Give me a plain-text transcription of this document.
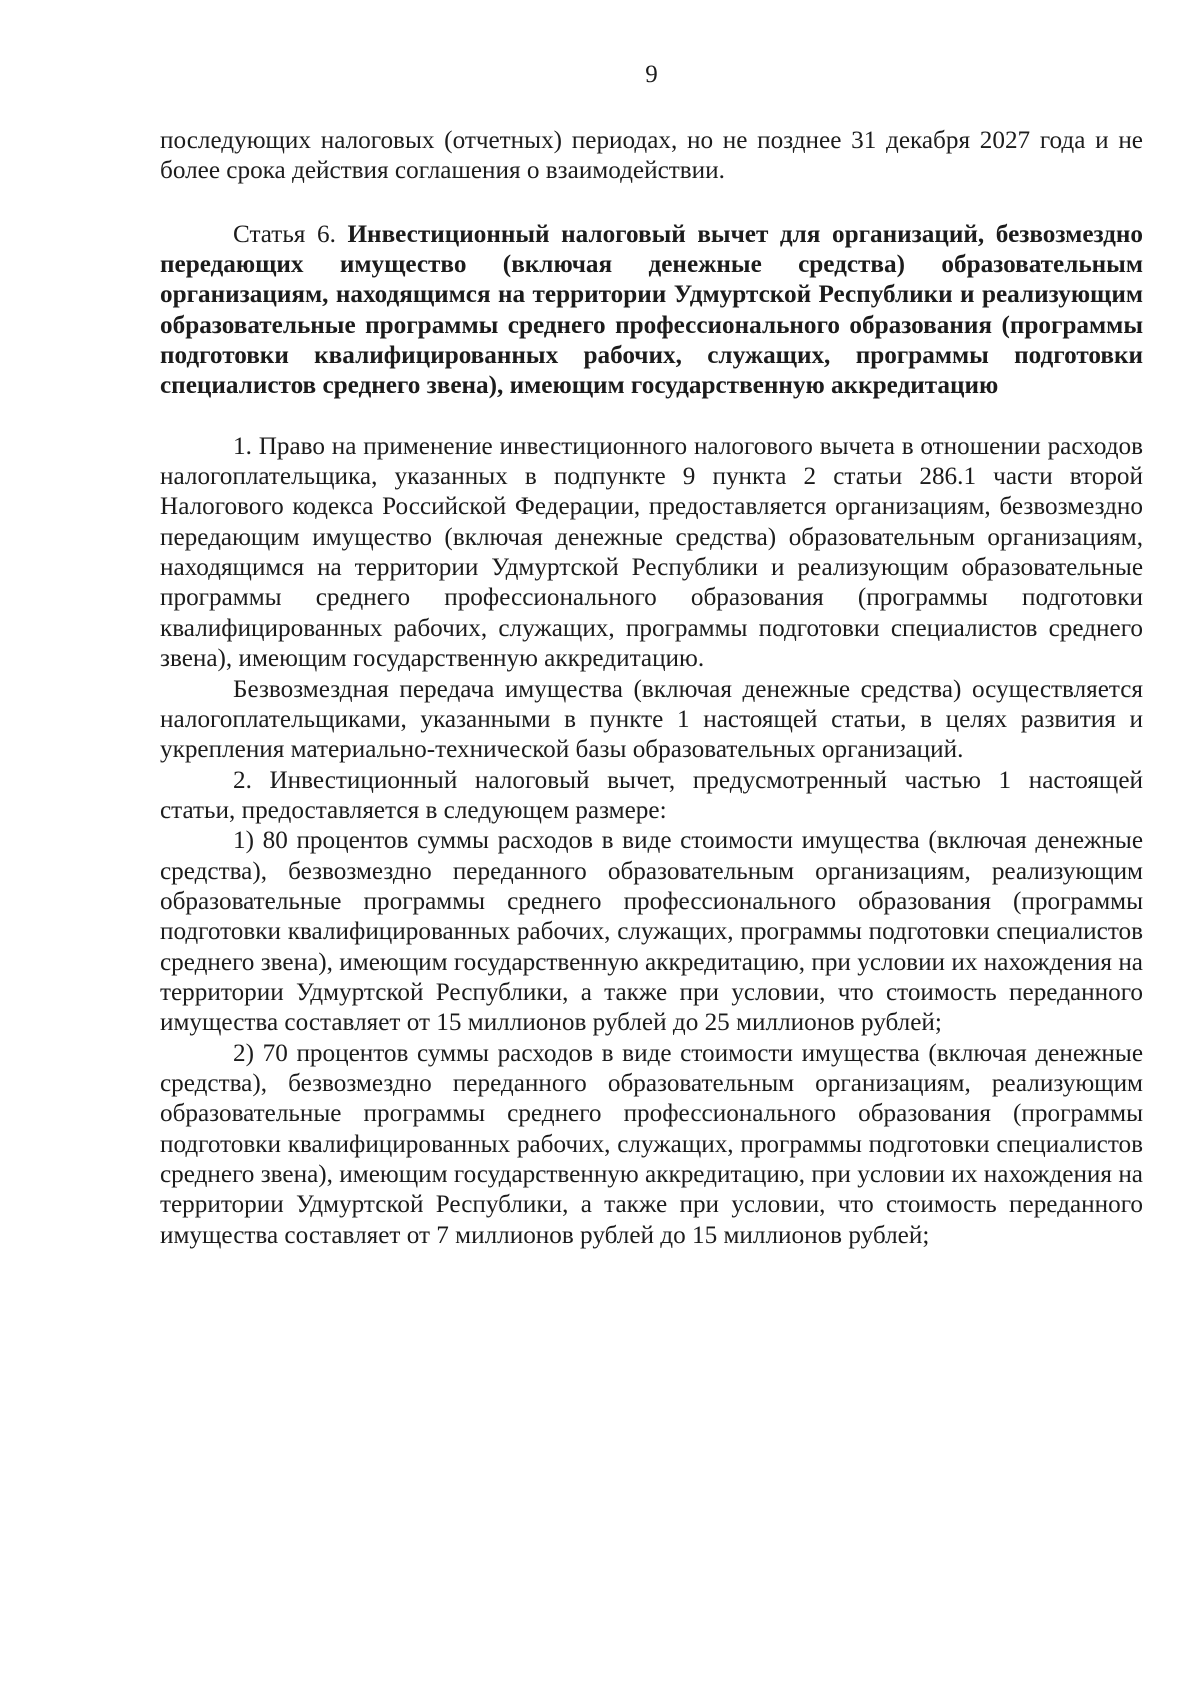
9

последующих налоговых (отчетных) периодах, но не позднее 31 декабря 2027 года и не более срока действия соглашения о взаимодействии.

Статья 6. Инвестиционный налоговый вычет для организаций, безвозмездно передающих имущество (включая денежные средства) образовательным организациям, находящимся на территории Удмуртской Республики и реализующим образовательные программы среднего профессионального образования (программы подготовки квалифицированных рабочих, служащих, программы подготовки специалистов среднего звена), имеющим государственную аккредитацию

1. Право на применение инвестиционного налогового вычета в отношении расходов налогоплательщика, указанных в подпункте 9 пункта 2 статьи 286.1 части второй Налогового кодекса Российской Федерации, предоставляется организациям, безвозмездно передающим имущество (включая денежные средства) образовательным организациям, находящимся на территории Удмуртской Республики и реализующим образовательные программы среднего профессионального образования (программы подготовки квалифицированных рабочих, служащих, программы подготовки специалистов среднего звена), имеющим государственную аккредитацию.

Безвозмездная передача имущества (включая денежные средства) осуществляется налогоплательщиками, указанными в пункте 1 настоящей статьи, в целях развития и укрепления материально-технической базы образовательных организаций.

2. Инвестиционный налоговый вычет, предусмотренный частью 1 настоящей статьи, предоставляется в следующем размере:

1) 80 процентов суммы расходов в виде стоимости имущества (включая денежные средства), безвозмездно переданного образовательным организациям, реализующим образовательные программы среднего профессионального образования (программы подготовки квалифицированных рабочих, служащих, программы подготовки специалистов среднего звена), имеющим государственную аккредитацию, при условии их нахождения на территории Удмуртской Республики, а также при условии, что стоимость переданного имущества составляет от 15 миллионов рублей до 25 миллионов рублей;

2) 70 процентов суммы расходов в виде стоимости имущества (включая денежные средства), безвозмездно переданного образовательным организациям, реализующим образовательные программы среднего профессионального образования (программы подготовки квалифицированных рабочих, служащих, программы подготовки специалистов среднего звена), имеющим государственную аккредитацию, при условии их нахождения на территории Удмуртской Республики, а также при условии, что стоимость переданного имущества составляет от 7 миллионов рублей до 15 миллионов рублей;
